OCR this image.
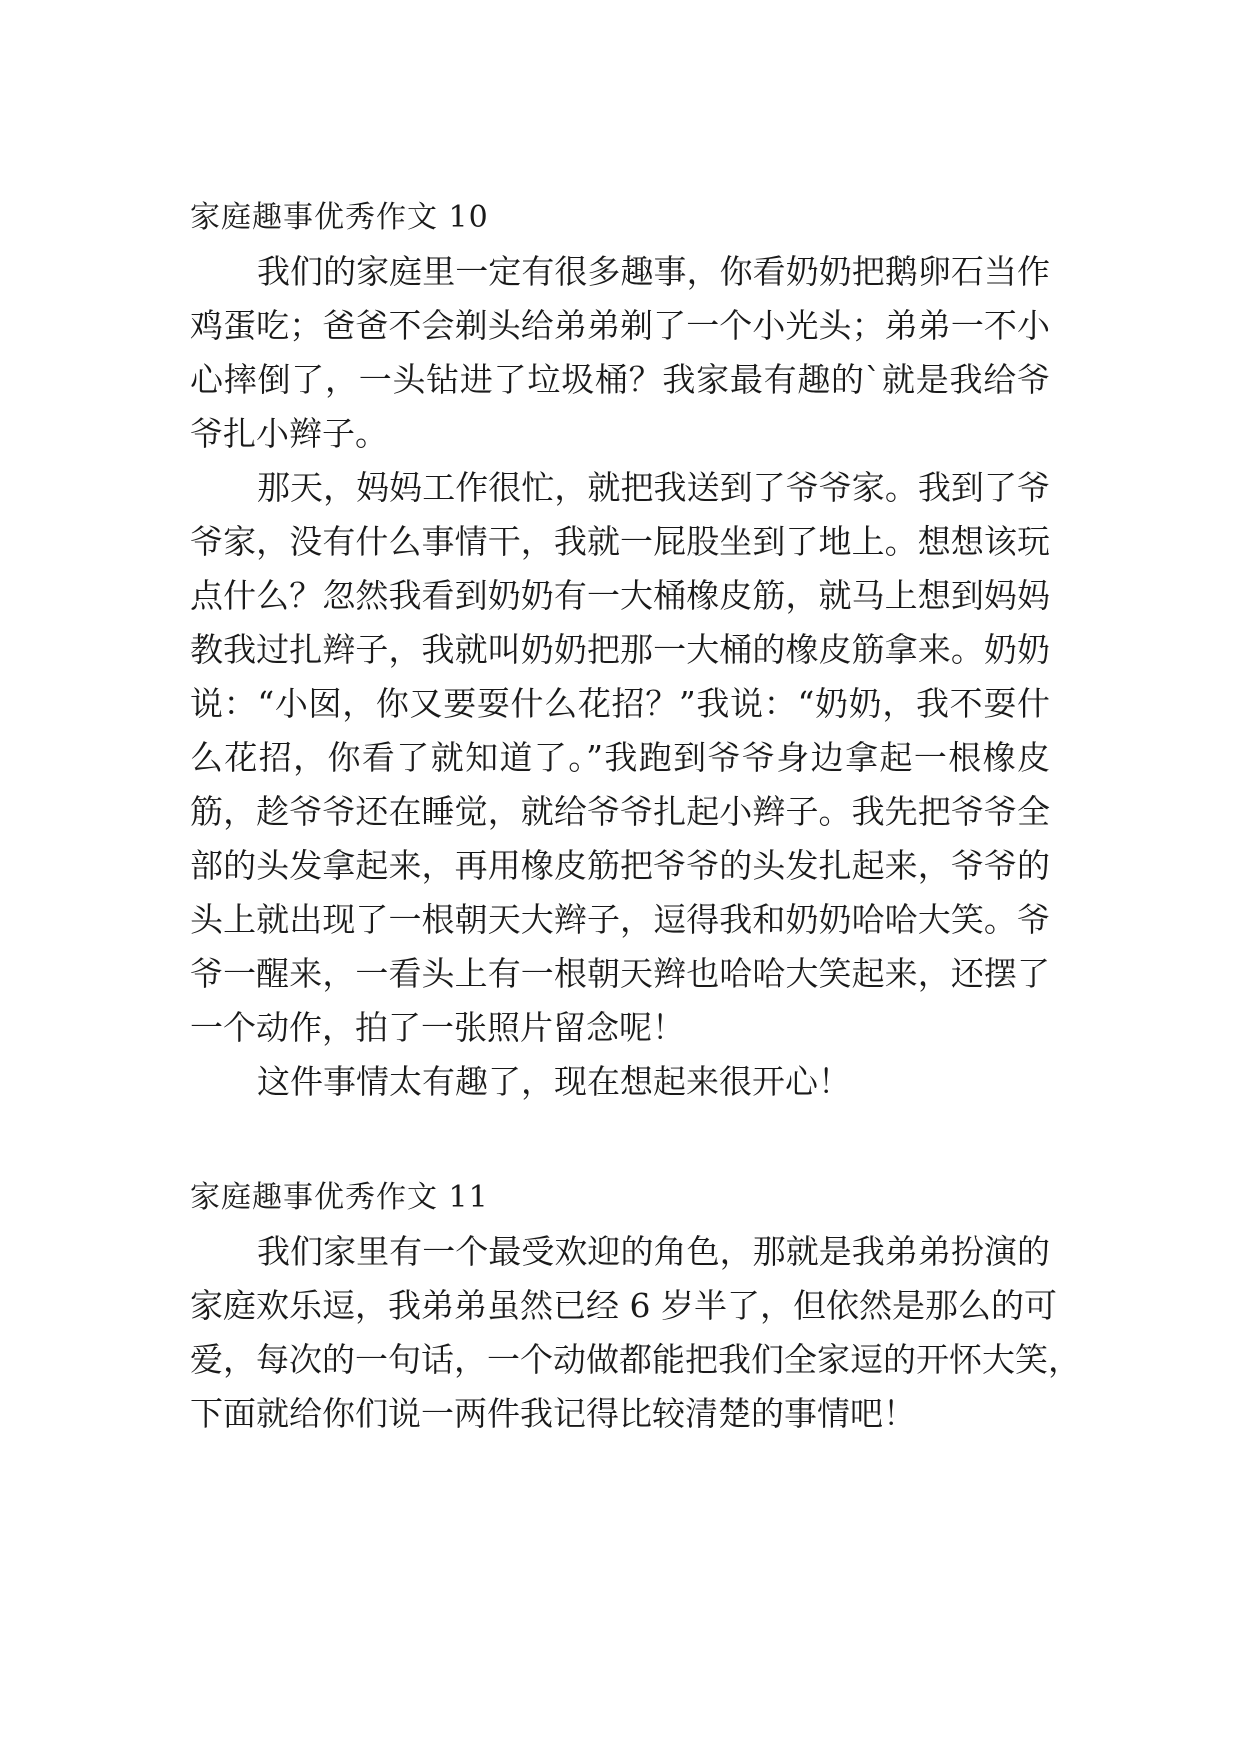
家庭趣事优秀作文 10
我们的家庭里一定有很多趣事，你看奶奶把鹅卵石当作
鸡蛋吃；爸爸不会剃头给弟弟剃了一个小光头；弟弟一不小
心摔倒了，一头钻进了垃圾桶？我家最有趣的`就是我给爷
爷扎小辫子。
那天，妈妈工作很忙，就把我送到了爷爷家。我到了爷
爷家，没有什么事情干，我就一屁股坐到了地上。想想该玩
点什么？忽然我看到奶奶有一大桶橡皮筋，就马上想到妈妈
教我过扎辫子，我就叫奶奶把那一大桶的橡皮筋拿来。奶奶
说：“小囡，你又要耍什么花招？”我说：“奶奶，我不耍什
么花招，你看了就知道了。”我跑到爷爷身边拿起一根橡皮
筋，趁爷爷还在睡觉，就给爷爷扎起小辫子。我先把爷爷全
部的头发拿起来，再用橡皮筋把爷爷的头发扎起来，爷爷的
头上就出现了一根朝天大辫子，逗得我和奶奶哈哈大笑。爷
爷一醒来，一看头上有一根朝天辫也哈哈大笑起来，还摆了
一个动作，拍了一张照片留念呢！
这件事情太有趣了，现在想起来很开心！
家庭趣事优秀作文 11
我们家里有一个最受欢迎的角色，那就是我弟弟扮演的
家庭欢乐逗，我弟弟虽然已经 6 岁半了，但依然是那么的可
爱，每次的一句话，一个动做都能把我们全家逗的开怀大笑，
下面就给你们说一两件我记得比较清楚的事情吧！
